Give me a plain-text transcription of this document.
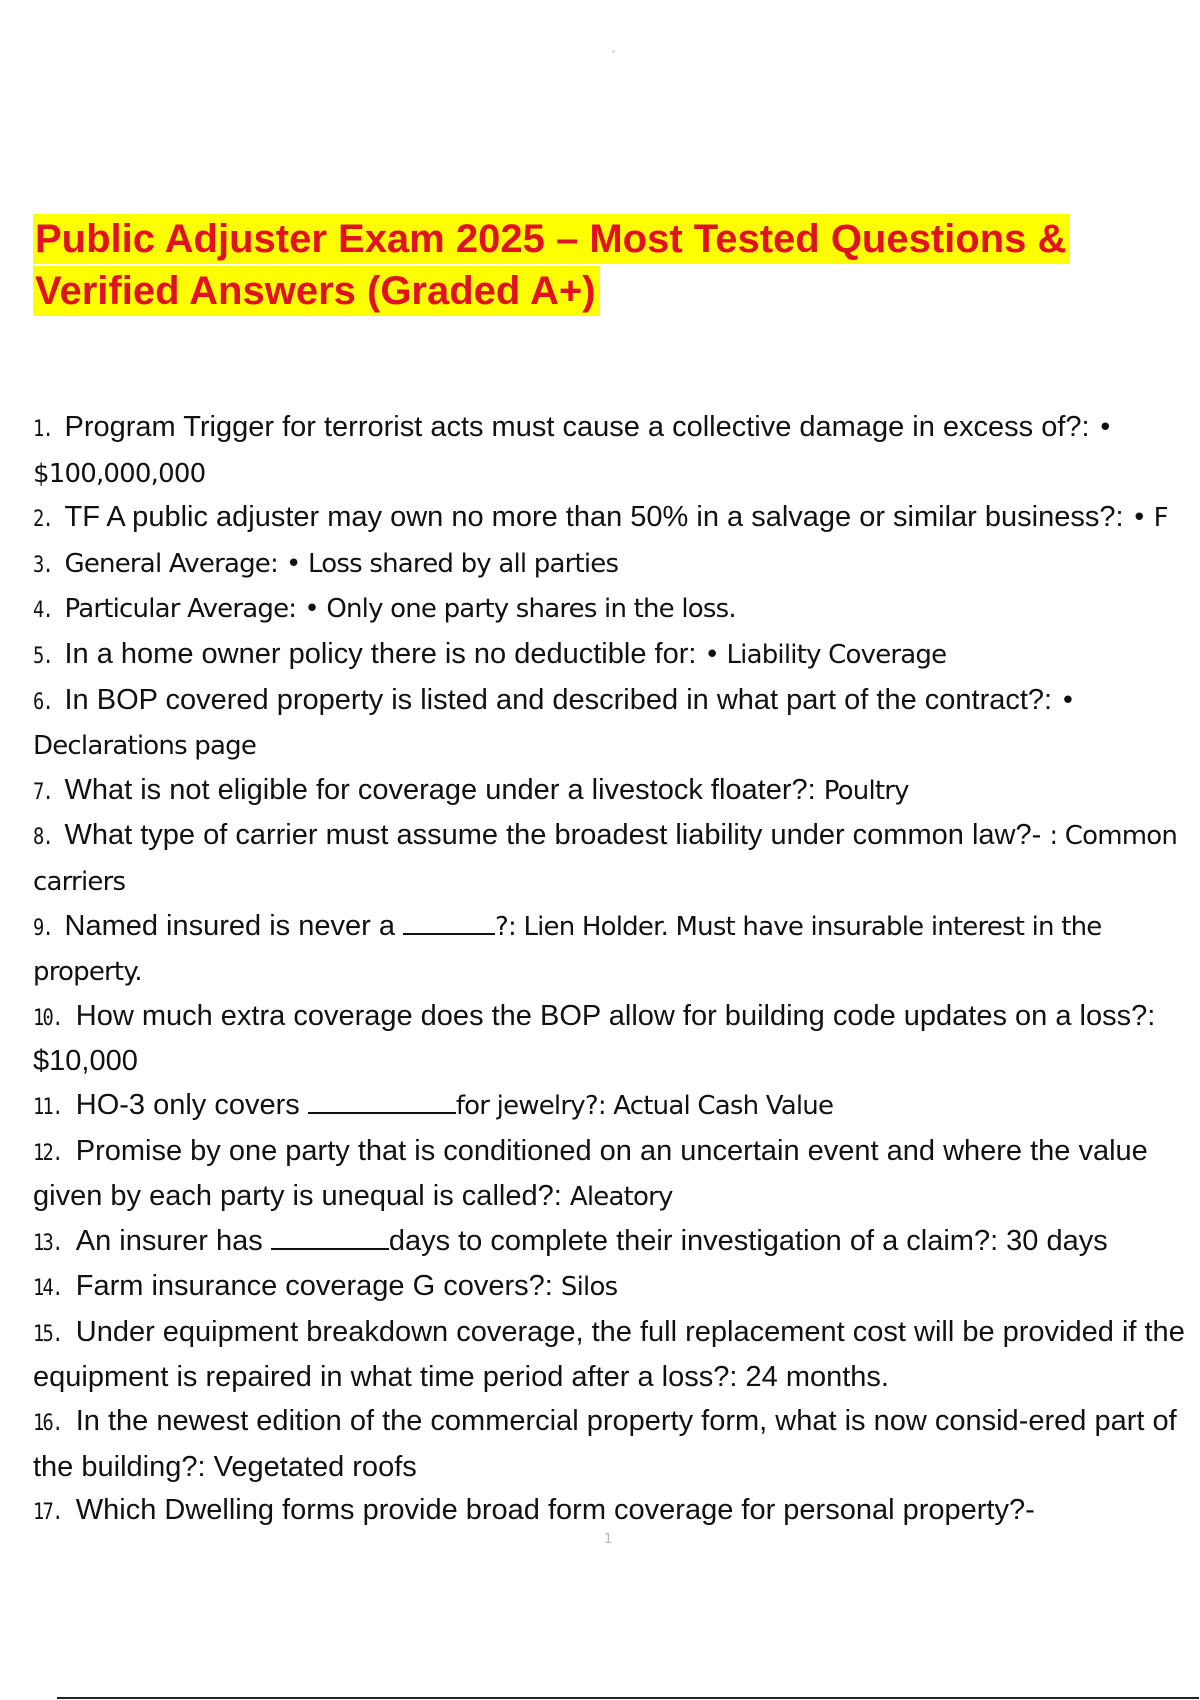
Public Adjuster Exam 2025 – Most Tested Questions &
Verified Answers (Graded A+)

1. Program Trigger for terrorist acts must cause a collective damage in excess of?: • $100,000,000

2. TF A public adjuster may own no more than 50% in a salvage or similar business?: • F

3. General Average: • Loss shared by all parties

4. Particular Average: • Only one party shares in the loss.

5. In a home owner policy there is no deductible for: • Liability Coverage

6. In BOP covered property is listed and described in what part of the contract?: • Declarations page

7. What is not eligible for coverage under a livestock floater?: Poultry

8. What type of carrier must assume the broadest liability under common law?- : Common carriers

9. Named insured is never a	?: Lien Holder. Must have insurable interest in the property.

10. How much extra coverage does the BOP allow for building code updates on a loss?: $10,000

11. HO-3 only covers	for jewelry?: Actual Cash Value

12. Promise by one party that is conditioned on an uncertain event and where the value given by each party is unequal is called?: Aleatory

13. An insurer has	days to complete their investigation of a claim?: 30 days

14. Farm insurance coverage G covers?: Silos

15. Under equipment breakdown coverage, the full replacement cost will be provided if the equipment is repaired in what time period after a loss?: 24 months.

16. In the newest edition of the commercial property form, what is now consid-ered part of the building?: Vegetated roofs

17. Which Dwelling forms provide broad form coverage for personal property?-

1
